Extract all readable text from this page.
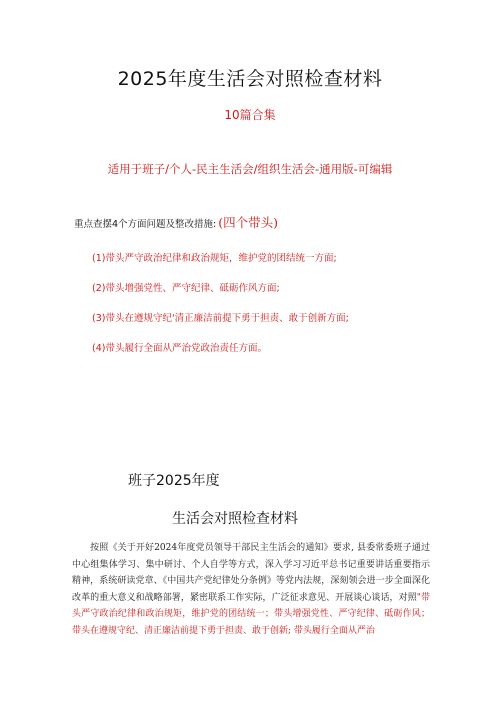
2025年度生活会对照检查材料
10篇合集
适用于班子/个人-民主生活会/组织生活会-通用版-可编辑
重点查摆4个方面问题及整改措施: (四个带头)
(1)带头严守政治纪律和政治规矩，维护党的团结统一方面;
(2)带头增强党性、严守纪律、砥砺作风方面;
(3)带头在遵规守纪'清正廉洁前提下勇于担责、敢于创新方面;
(4)带头履行全面从严治党政治责任方面。
班子2025年度
生活会对照检查材料
按照《关于开好2024年度党员领导干部民主生活会的通知》要求, 县委常委班子通过中心组集体学习、集中研讨、个人自学等方式，深入学习习近平总书记重要讲话重要指示精神，系统研读党章、《中国共产党纪律处分条例》等党内法规，深刻领会进一步全面深化改革的重大意义和战略部署，紧密联系工作实际，广泛征求意见、开展谈心谈话，对照"带头严守政治纪律和政治规矩，维护党的团结统一；带头增强党性、严守纪律、砥砺作风；带头在遵规守纪、清正廉洁前提下勇于担责、敢于创新; 带头履行全面从严治
